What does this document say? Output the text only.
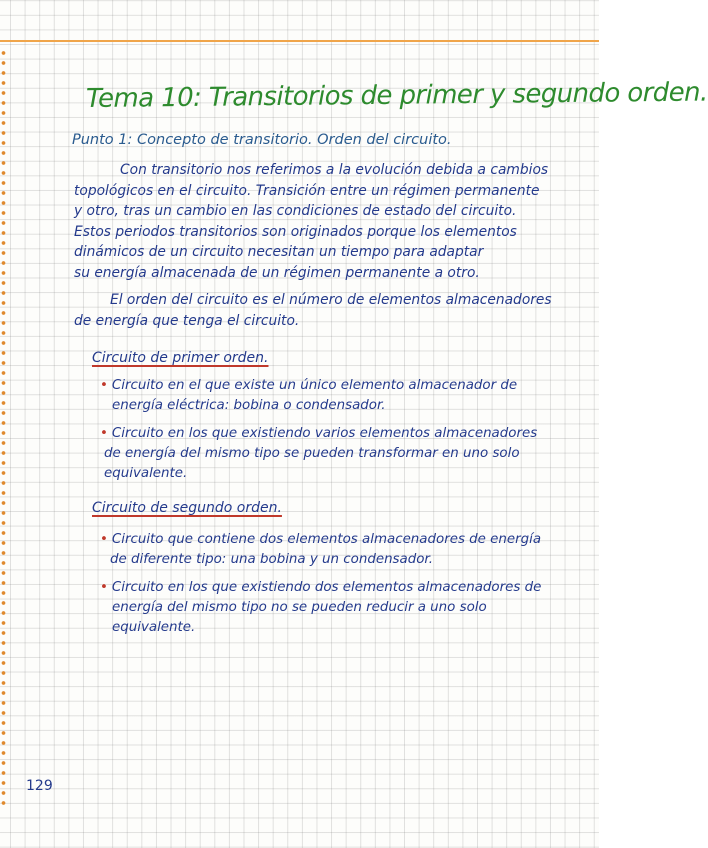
Tema 10: Transitorios de primer y segundo orden.
Punto 1: Concepto de transitorio. Orden del circuito.
Con transitorio nos referimos a la evolución debida a cambios
topológicos en el circuito. Transición entre un régimen permanente
y otro, tras un cambio en las condiciones de estado del circuito.
Estos periodos transitorios son originados porque los elementos
dinámicos de un circuito necesitan un tiempo para adaptar
su energía almacenada de un régimen permanente a otro.
El orden del circuito es el número de elementos almacenadores
de energía que tenga el circuito.
Circuito de primer orden.
• Circuito en el que existe un único elemento almacenador de
energía eléctrica: bobina o condensador.
• Circuito en los que existiendo varios elementos almacenadores
de energía del mismo tipo se pueden transformar en uno solo
equivalente.
Circuito de segundo orden.
• Circuito que contiene dos elementos almacenadores de energía
de diferente tipo: una bobina y un condensador.
• Circuito en los que existiendo dos elementos almacenadores de
energía del mismo tipo no se pueden reducir a uno solo
equivalente.
129
